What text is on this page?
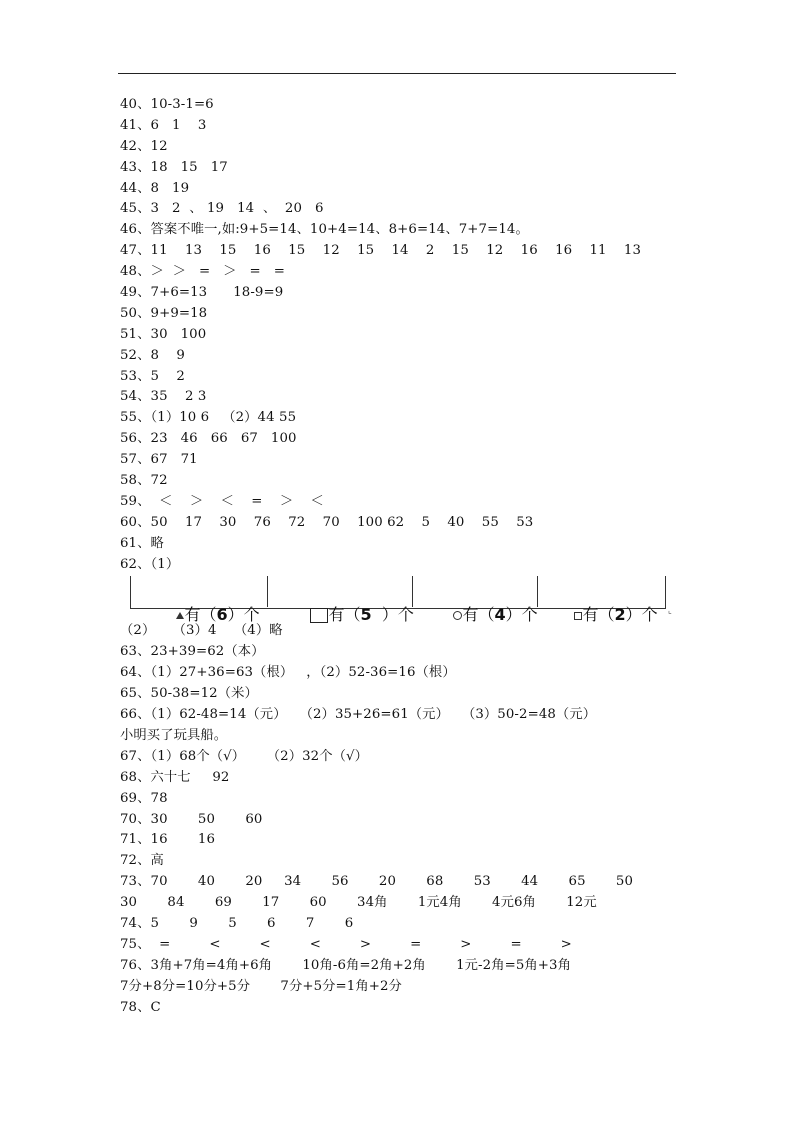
40、10-3-1=6
41、6   1    3
42、12
43、18   15   17
44、8   19
45、3   2  、 19   14  、  20   6
46、答案不唯一,如:9+5=14、10+4=14、8+6=14、7+7=14。
47、11    13    15    16    15    12    15    14    2    15    12    16    16    11    13
48、＞  ＞   =   ＞   =   =
49、7+6=13      18-9=9
50、9+9=18
51、30   100
52、8    9
53、5    2
54、35    2 3
55、（1）10 6   （2）44 55
56、23   46   66   67   100
57、67   71
58、72
59、  ＜    ＞    ＜    =    ＞    ＜
60、50    17    30    76    72    70    100 62    5    40    55    53
61、略
62、（1）

有（6）个
	有（5  ）个
	有（4）个
	有（2）个

（2）    （3）4    （4）略
63、23+39=62（本）
64、（1）27+36=63（根）   ，（2）52-36=16（根）
65、50-38=12（米）
66、（1）62-48=14（元）   （2）35+26=61（元）   （3）50-2=48（元）
小明买了玩具船。
67、（1）68个（√）     （2）32个（√）
68、六十七     92
69、78
70、30       50       60
71、16       16
72、高
73、70       40       20     34       56       20       68       53       44       65       50
30       84       69       17       60       34角       1元4角       4元6角       12元
74、5       9       5       6       7       6
75、  =         <         <         <         >         =         >         =         >
76、3角+7角=4角+6角       10角-6角=2角+2角       1元-2角=5角+3角
7分+8分=10分+5分       7分+5分=1角+2分
78、C
⌞
